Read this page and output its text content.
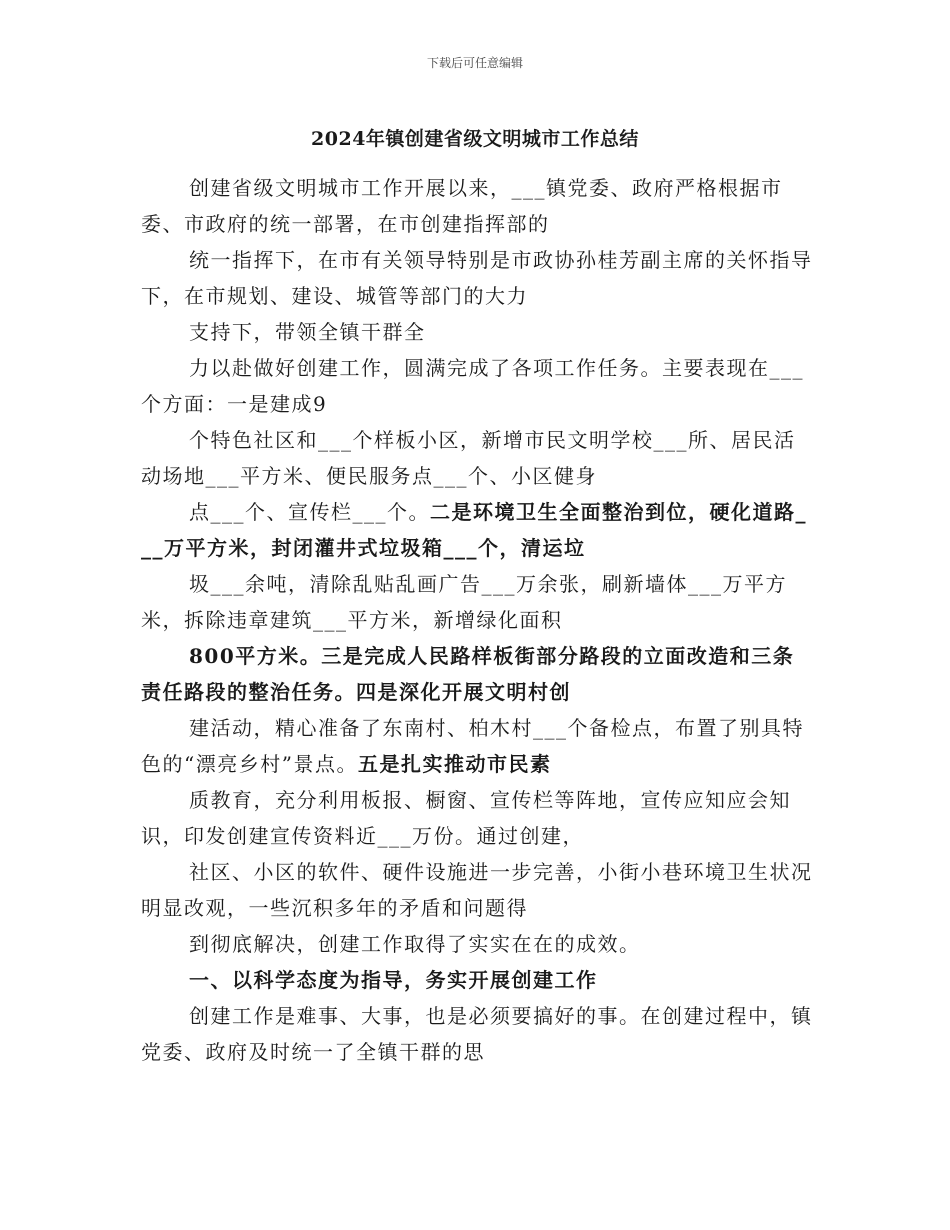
下载后可任意编辑
2024年镇创建省级文明城市工作总结

创建省级文明城市工作开展以来，___镇党委、政府严格根据市委、市政府的统一部署，在市创建指挥部的

统一指挥下，在市有关领导特别是市政协孙桂芳副主席的关怀指导下，在市规划、建设、城管等部门的大力

支持下，带领全镇干群全

力以赴做好创建工作，圆满完成了各项工作任务。主要表现在___个方面：一是建成9

个特色社区和___个样板小区，新增市民文明学校___所、居民活动场地___平方米、便民服务点___个、小区健身

点___个、宣传栏___个。二是环境卫生全面整治到位，硬化道路___万平方米，封闭灌井式垃圾箱___个，清运垃

圾___余吨，清除乱贴乱画广告___万余张，刷新墙体___万平方米，拆除违章建筑___平方米，新增绿化面积

800平方米。三是完成人民路样板街部分路段的立面改造和三条责任路段的整治任务。四是深化开展文明村创

建活动，精心准备了东南村、柏木村___个备检点，布置了别具特色的“漂亮乡村”景点。五是扎实推动市民素

质教育，充分利用板报、橱窗、宣传栏等阵地，宣传应知应会知识，印发创建宣传资料近___万份。通过创建，

社区、小区的软件、硬件设施进一步完善，小街小巷环境卫生状况明显改观，一些沉积多年的矛盾和问题得

到彻底解决，创建工作取得了实实在在的成效。

一、以科学态度为指导，务实开展创建工作

创建工作是难事、大事，也是必须要搞好的事。在创建过程中，镇党委、政府及时统一了全镇干群的思
